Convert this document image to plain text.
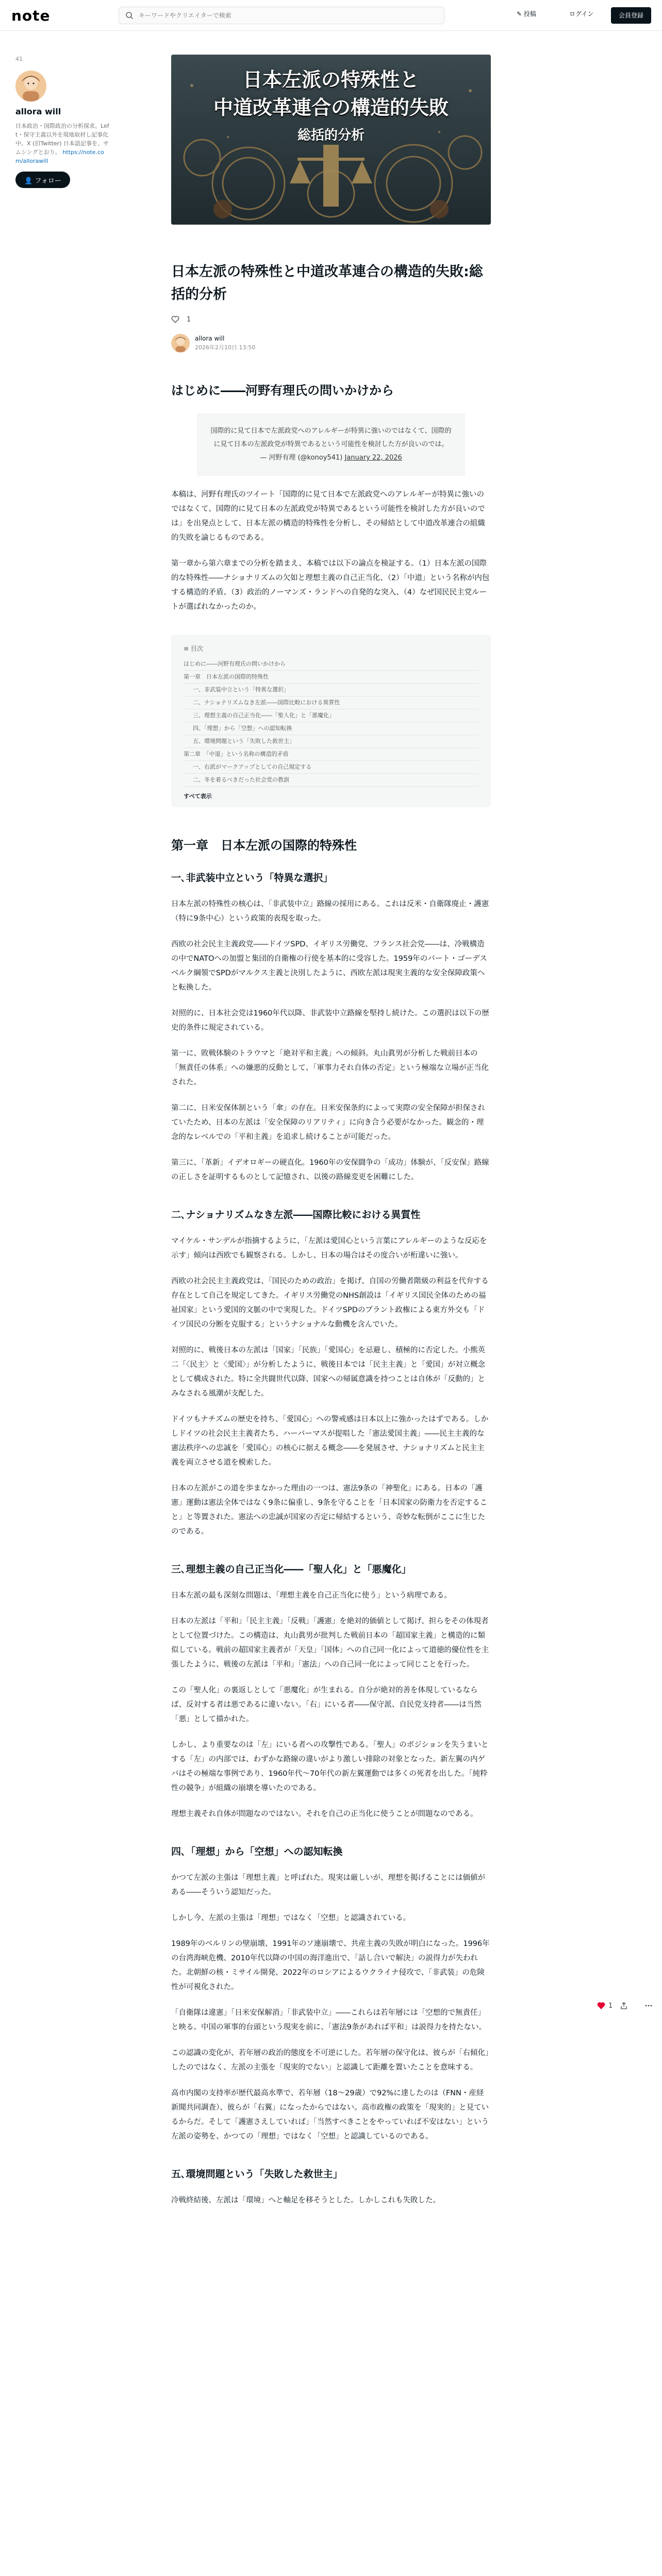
note
キーワードやクリエイターで検索	✎ 投稿	ログイン	会員登録
41
allora will
日本政治・国際政治の分析探求。Left・保守主義以外を現地取材し記事化中。X (旧Twitter) 日本語記事を、サムシングとおり。 https://note.com/allorawill
👤 フォロー
日本左派の特殊性と
中道改革連合の構造的失敗
総括的分析
日本左派の特殊性と中道改革連合の構造的失敗:総括的分析
1
allora will
2026年2月10日 13:50
はじめに――河野有理氏の問いかけから
国際的に見て日本で左派政党へのアレルギーが特異に強いのではなくて、国際的に見て日本の左派政党が特異であるという可能性を検討した方が良いのでは。
— 河野有理 (@konoy541) January 22, 2026

本稿は、河野有理氏のツイート「国際的に見て日本で左派政党へのアレルギーが特異に強いのではなくて、国際的に見て日本の左派政党が特異であるという可能性を検討した方が良いのでは」を出発点として、日本左派の構造的特殊性を分析し、その帰結として中道改革連合の組織的失敗を論じるものである。

第一章から第六章までの分析を踏まえ、本稿では以下の論点を検証する。（1）日本左派の国際的な特殊性――ナショナリズムの欠如と理想主義の自己正当化、（2）「中道」という名称が内包する構造的矛盾、（3）政治的ノーマンズ・ランドへの自発的な突入、（4）なぜ国民民主党ルートが選ばれなかったのか。

≡ 目次
はじめに――河野有理氏の問いかけから
第一章　日本左派の国際的特殊性
一、非武装中立という「特異な選択」
二、ナショナリズムなき左派――国際比較における異質性
三、理想主義の自己正当化――「聖人化」と「悪魔化」
四、「理想」から「空想」への認知転換
五、環境問題という「失敗した救世主」
第二章　「中道」という名称の構造的矛盾
一、右派がマークアップとしての自己規定する
二、冬を着るべきだった社会党の教訓
すべて表示
第一章　日本左派の国際的特殊性
一､非武装中立という「特異な選択」

日本左派の特殊性の核心は、「非武装中立」路線の採用にある。これは反米・自衛隊廃止・護憲（特に9条中心）という政策的表現を取った。

西欧の社会民主主義政党――ドイツSPD、イギリス労働党、フランス社会党――は、冷戦構造の中でNATOへの加盟と集団的自衛権の行使を基本的に受容した。1959年のバート・ゴーデスベルク綱領でSPDがマルクス主義と決別したように、西欧左派は現実主義的な安全保障政策へと転換した。

対照的に、日本社会党は1960年代以降、非武装中立路線を堅持し続けた。この選択は以下の歴史的条件に規定されている。

第一に、敗戦体験のトラウマと「絶対平和主義」への傾斜。丸山眞男が分析した戦前日本の「無責任の体系」への嫌悪的反動として、「軍事力それ自体の否定」という極端な立場が正当化された。

第二に、日米安保体制という「傘」の存在。日米安保条約によって実際の安全保障が担保されていたため、日本の左派は「安全保障のリアリティ」に向き合う必要がなかった。観念的・理念的なレベルでの「平和主義」を追求し続けることが可能だった。

第三に、「革新」イデオロギーの硬直化。1960年の安保闘争の「成功」体験が、「反安保」路線の正しさを証明するものとして記憶され、以後の路線変更を困難にした。

二､ナショナリズムなき左派――国際比較における異質性

マイケル・サンデルが指摘するように、「左派は愛国心という言葉にアレルギーのような反応を示す」傾向は西欧でも観察される。しかし、日本の場合はその度合いが桁違いに強い。

西欧の社会民主主義政党は、「国民のための政治」を掲げ、自国の労働者階級の利益を代弁する存在として自己を規定してきた。イギリス労働党のNHS創設は「イギリス国民全体のための福祉国家」という愛国的文脈の中で実現した。ドイツSPDのブラント政権による東方外交も「ドイツ国民の分断を克服する」というナショナルな動機を含んでいた。

対照的に、戦後日本の左派は「国家」「民族」「愛国心」を忌避し、積極的に否定した。小熊英二「〈民主〉と〈愛国〉」が分析したように、戦後日本では「民主主義」と「愛国」が対立概念として構成された。特に全共闘世代以降、国家への帰属意識を持つことは自体が「反動的」とみなされる風潮が支配した。

ドイツもナチズムの歴史を持ち、「愛国心」への警戒感は日本以上に強かったはずである。しかしドイツの社会民主主義者たち、ハーバーマスが提唱した「憲法愛国主義」――民主主義的な憲法秩序への忠誠を「愛国心」の核心に据える概念――を発展させ、ナショナリズムと民主主義を両立させる道を模索した。

日本の左派がこの道を歩まなかった理由の一つは、憲法9条の「神聖化」にある。日本の「護憲」運動は憲法全体ではなく9条に偏重し、9条を守ることを「日本国家の防衛力を否定すること」と等置された。憲法への忠誠が国家の否定に帰結するという、奇妙な転倒がここに生じたのである。

三､理想主義の自己正当化――「聖人化」と「悪魔化」

日本左派の最も深刻な問題は、「理想主義を自己正当化に使う」という病理である。

日本の左派は「平和」「民主主義」「反戦」「護憲」を絶対的価値として掲げ、担らをその体現者として位置づけた。この構造は、丸山眞男が批判した戦前日本の「超国家主義」と構造的に類似している。戦前の超国家主義者が「天皇」「国体」への自己同一化によって道徳的優位性を主張したように、戦後の左派は「平和」「憲法」への自己同一化によって同じことを行った。

この「聖人化」の裏返しとして「悪魔化」が生まれる。自分が絶対的善を体現しているならば、反対する者は悪であるに違いない。「右」にいる者――保守派、自民党支持者――は当然「悪」として描かれた。

しかし、より重要なのは「左」にいる者への攻撃性である。「聖人」のポジションを失うまいとする「左」の内部では、わずかな路線の違いがより激しい排除の対象となった。新左翼の内ゲバはその極端な事例であり、1960年代〜70年代の新左翼運動では多くの死者を出した。「純粋性の競争」が組織の崩壊を導いたのである。

理想主義それ自体が問題なのではない。それを自己の正当化に使うことが問題なのである。

四､「理想」から「空想」への認知転換

かつて左派の主張は「理想主義」と呼ばれた。現実は厳しいが、理想を掲げることには価値がある――そういう認知だった。

しかし今、左派の主張は「理想」ではなく「空想」と認識されている。

1989年のベルリンの壁崩壊、1991年のソ連崩壊で、共産主義の失敗が明白になった。1996年の台湾海峡危機、2010年代以降の中国の海洋進出で、「話し合いで解決」の説得力が失われた。北朝鮮の核・ミサイル開発、2022年のロシアによるウクライナ侵攻で、「非武装」の危険性が可視化された。

「自衛隊は違憲」「日米安保解消」「非武装中立」――これらは若年層には「空想的で無責任」と映る。中国の軍事的台頭という現実を前に、「憲法9条があれば平和」は説得力を持たない。

この認識の変化が、若年層の政治的態度を不可逆にした。若年層の保守化は、彼らが「右傾化」したのではなく、左派の主張を「現実的でない」と認識して距離を置いたことを意味する。

高市内閣の支持率が歴代最高水準で、若年層（18〜29歳）で92%に達したのは（FNN・産経新聞共同調査）、彼らが「右翼」になったからではない。高市政権の政策を「現実的」と見ているからだ。そして「護憲さえしていれば」「当然すべきことをやっていれば不安はない」という左派の姿勢を、かつての「理想」ではなく「空想」と認識しているのである。

五､環境問題という「失敗した救世主」

冷戦終結後、左派は「環境」へと軸足を移そうとした。しかしこれも失敗した。

1
